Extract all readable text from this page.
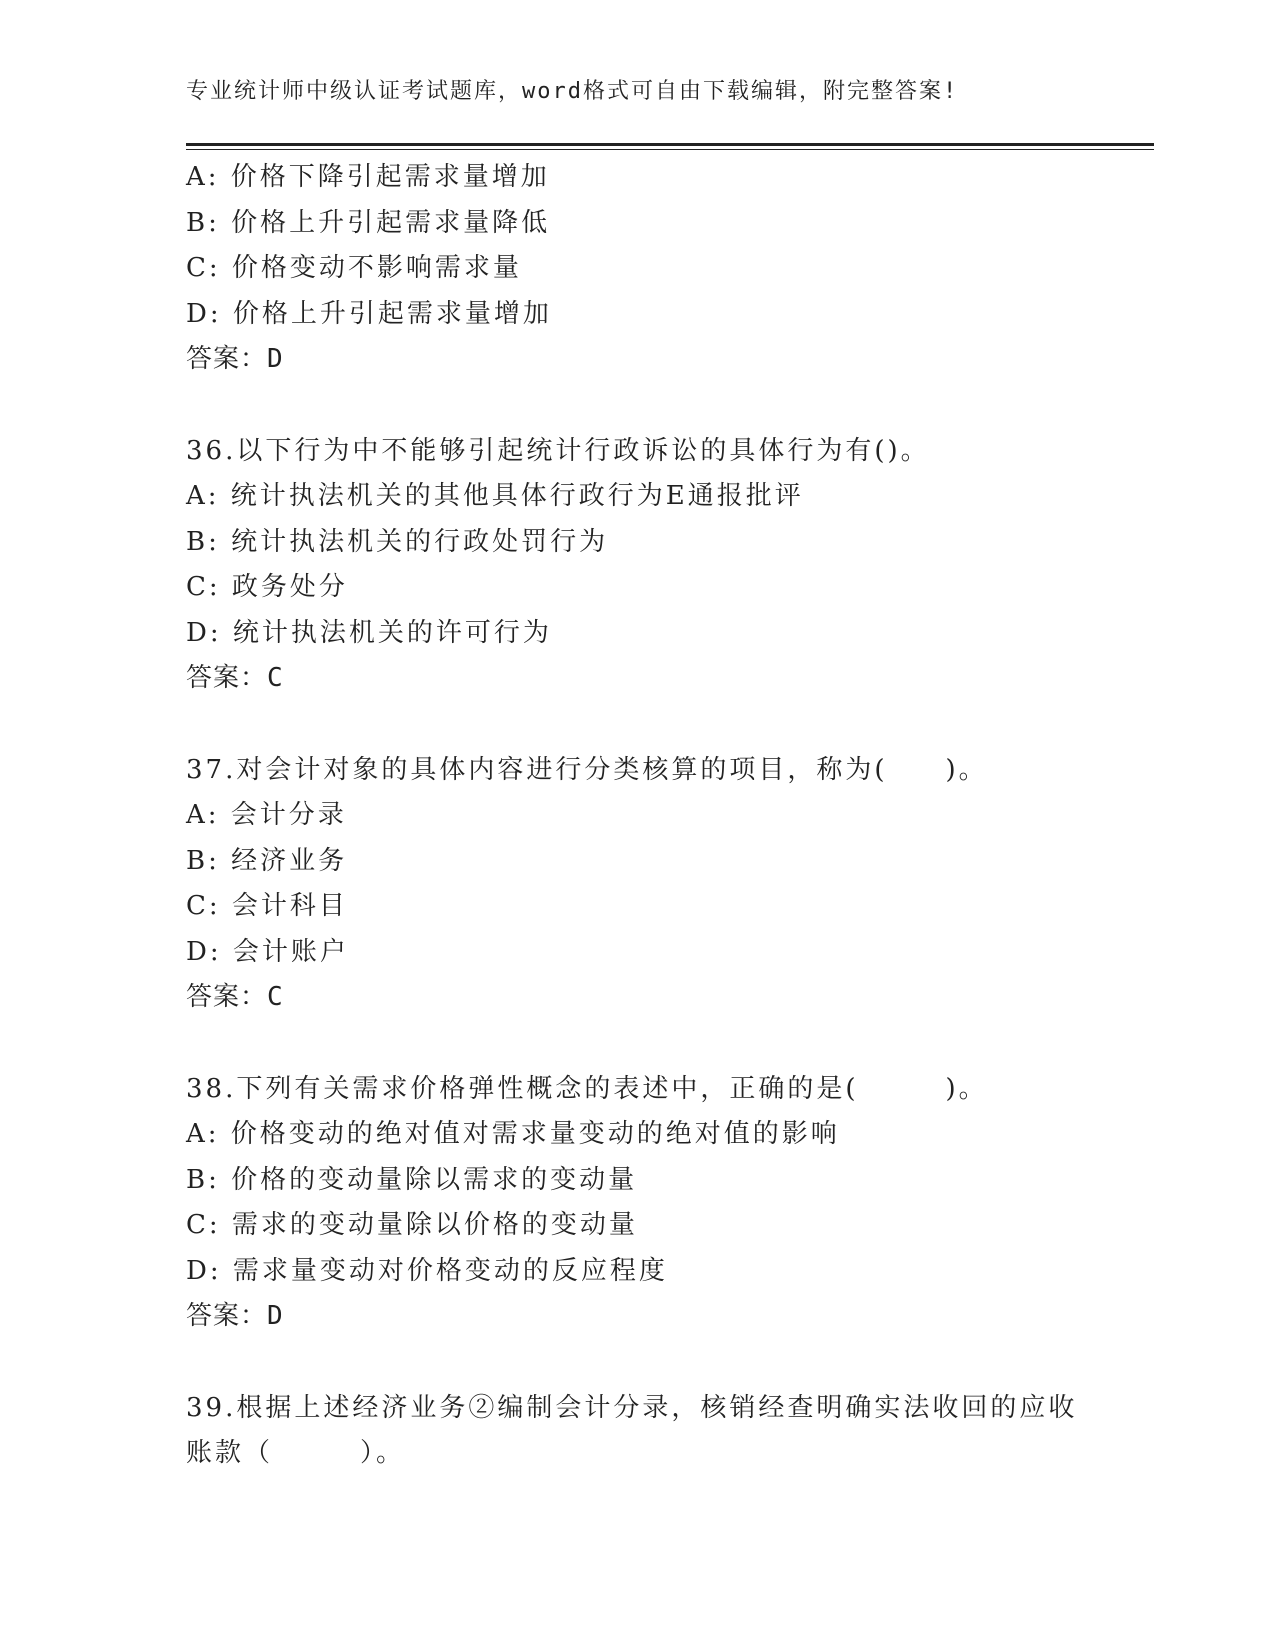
专业统计师中级认证考试题库，word格式可自由下载编辑，附完整答案!
A: 价格下降引起需求量增加
B: 价格上升引起需求量降低
C: 价格变动不影响需求量
D: 价格上升引起需求量增加
答案：D
36.以下行为中不能够引起统计行政诉讼的具体行为有()。
A: 统计执法机关的其他具体行政行为E通报批评
B: 统计执法机关的行政处罚行为
C: 政务处分
D: 统计执法机关的许可行为
答案：C
37.对会计对象的具体内容进行分类核算的项目，称为(　　)。
A: 会计分录
B: 经济业务
C: 会计科目
D: 会计账户
答案：C
38.下列有关需求价格弹性概念的表述中，正确的是(　　　)。
A: 价格变动的绝对值对需求量变动的绝对值的影响
B: 价格的变动量除以需求的变动量
C: 需求的变动量除以价格的变动量
D: 需求量变动对价格变动的反应程度
答案：D
39.根据上述经济业务②编制会计分录，核销经查明确实法收回的应收
账款（　　　）。
